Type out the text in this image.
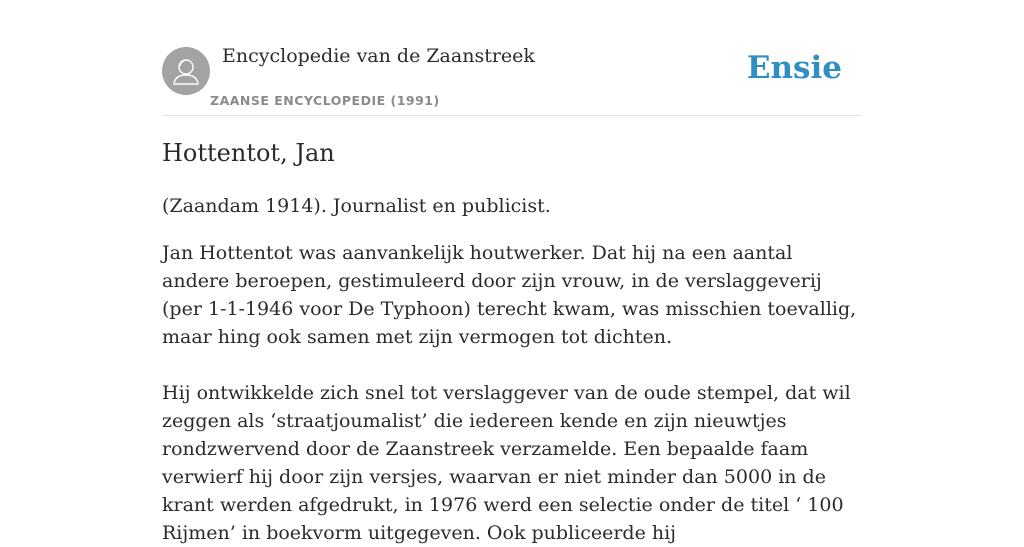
Encyclopedie van de Zaanstreek
ZAANSE ENCYCLOPEDIE (1991)
Ensie
Hottentot, Jan

(Zaandam 1914). Journalist en publicist.

Jan Hottentot was aanvankelijk houtwerker. Dat hij na een aantal andere beroepen, gestimuleerd door zijn vrouw, in de verslaggeverij (per 1-1-1946 voor De Typhoon) terecht kwam, was misschien toevallig, maar hing ook samen met zijn vermogen tot dichten.

Hij ontwikkelde zich snel tot verslaggever van de oude stempel, dat wil zeggen als ‘straatjoumalist’ die iedereen kende en zijn nieuwtjes rondzwervend door de Zaanstreek verzamelde. Een bepaalde faam verwierf hij door zijn versjes, waarvan er niet minder dan 5000 in de krant werden afgedrukt, in 1976 werd een selectie onder de titel ‘ 100 Rijmen’ in boekvorm uitgegeven. Ook publiceerde hij
